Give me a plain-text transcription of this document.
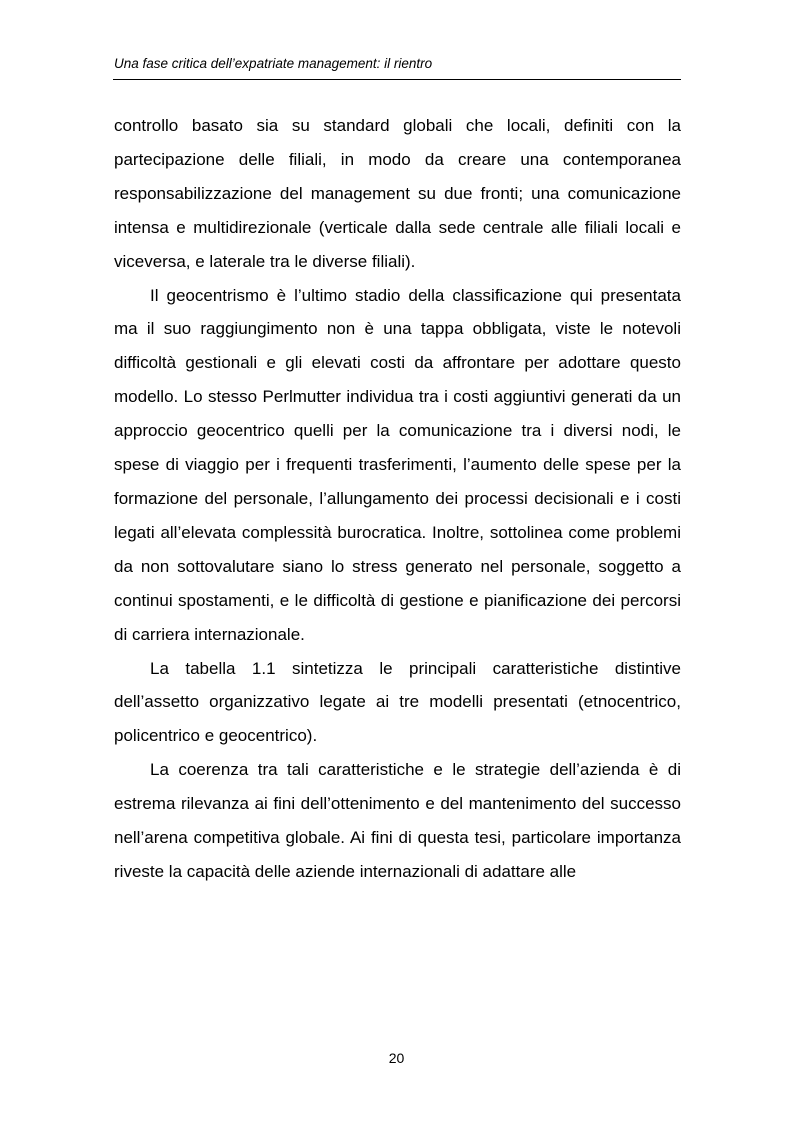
Una fase critica dell’expatriate management: il rientro

controllo basato sia su standard globali che locali, definiti con la partecipazione delle filiali, in modo da creare una contemporanea responsabilizzazione del management su due fronti; una comunicazione intensa e multidirezionale (verticale dalla sede centrale alle filiali locali e viceversa, e laterale tra le diverse filiali).

Il geocentrismo è l’ultimo stadio della classificazione qui presentata ma il suo raggiungimento non è una tappa obbligata, viste le notevoli difficoltà gestionali e gli elevati costi da affrontare per adottare questo modello. Lo stesso Perlmutter individua tra i costi aggiuntivi generati da un approccio geocentrico quelli per la comunicazione tra i diversi nodi, le spese di viaggio per i frequenti trasferimenti, l’aumento delle spese per la formazione del personale, l’allungamento dei processi decisionali e i costi legati all’elevata complessità burocratica. Inoltre, sottolinea come problemi da non sottovalutare siano lo stress generato nel personale, soggetto a continui spostamenti, e le difficoltà di gestione e pianificazione dei percorsi di carriera internazionale.

La tabella 1.1 sintetizza le principali caratteristiche distintive dell’assetto organizzativo legate ai tre modelli presentati (etnocentrico, policentrico e geocentrico).

La coerenza tra tali caratteristiche e le strategie dell’azienda è di estrema rilevanza ai fini dell’ottenimento e del mantenimento del successo nell’arena competitiva globale. Ai fini di questa tesi, particolare importanza riveste la capacità delle aziende internazionali di adattare alle

20
